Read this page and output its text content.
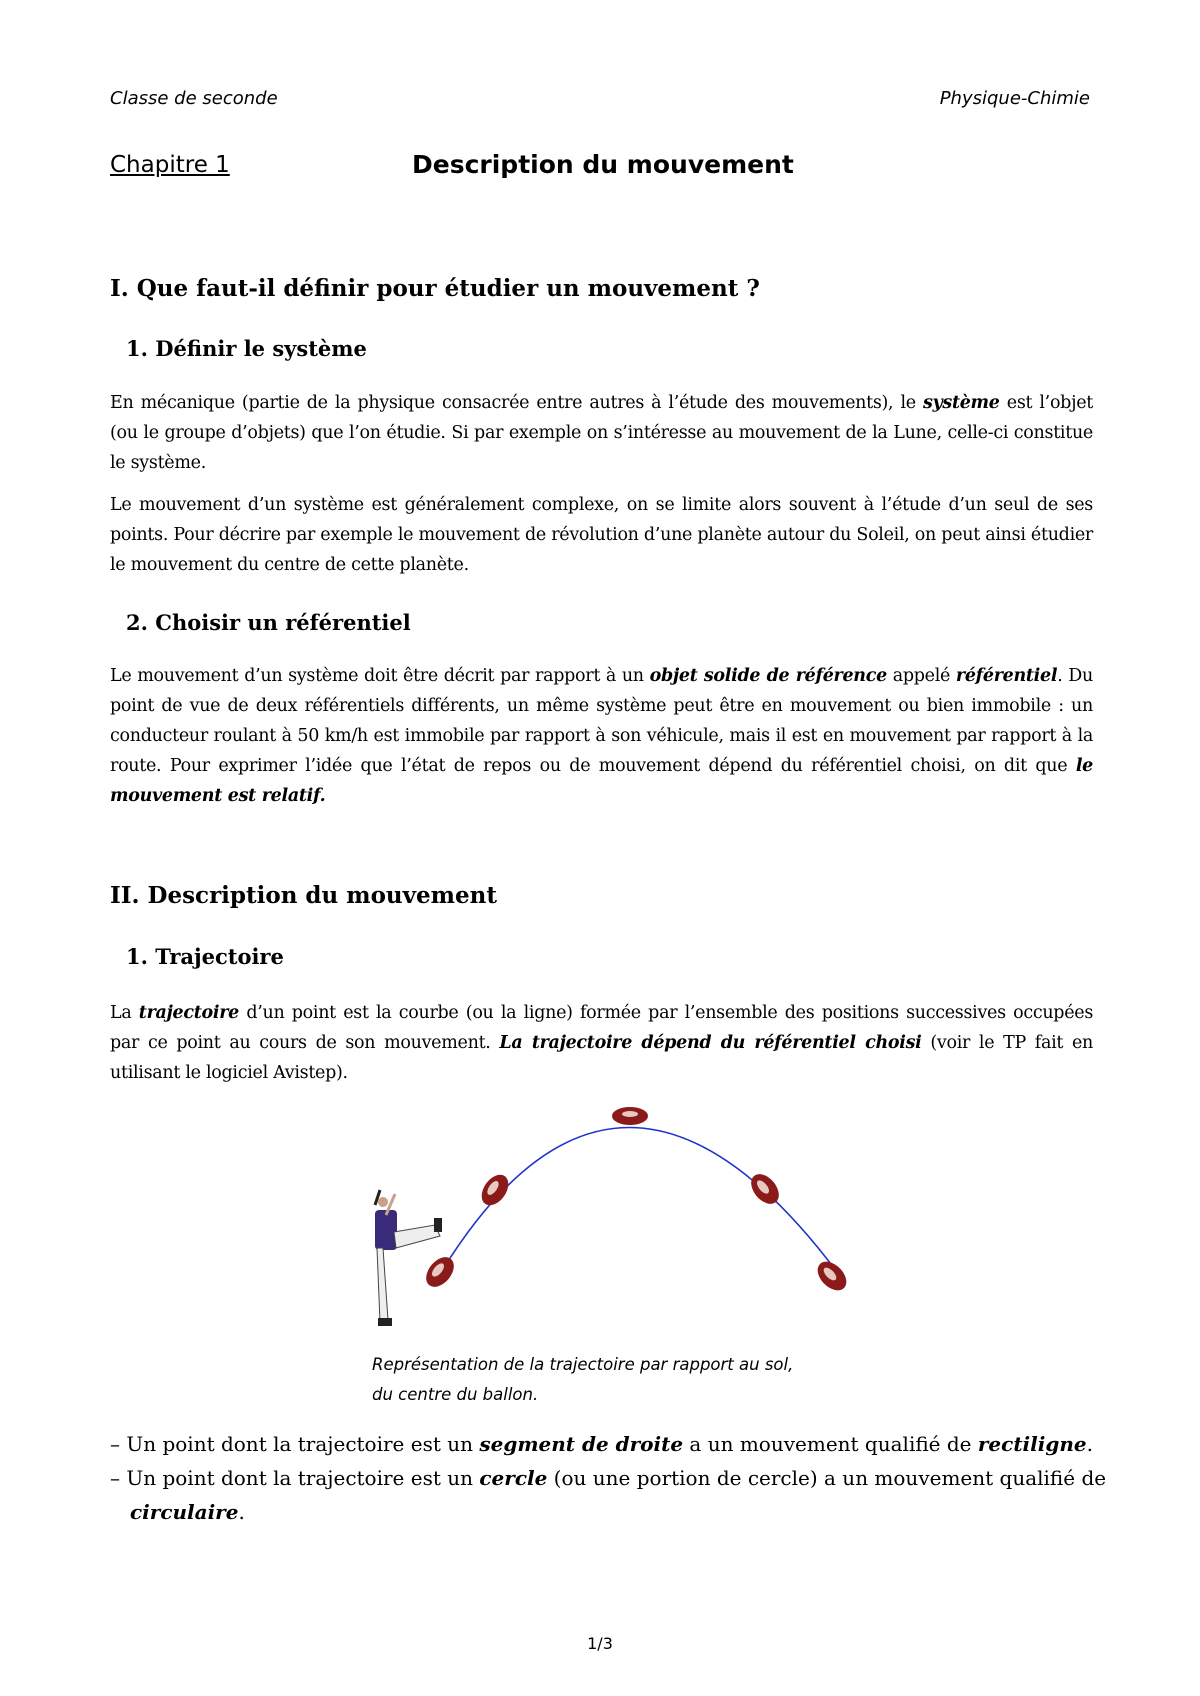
Classe de seconde	Physique-Chimie
Chapitre 1	Description du mouvement
I. Que faut-il définir pour étudier un mouvement ?
1. Définir le système
En mécanique (partie de la physique consacrée entre autres à l’étude des mouvements), le système est l’objet (ou le groupe d’objets) que l’on étudie. Si par exemple on s’intéresse au mouvement de la Lune, celle-ci constitue le système.
Le mouvement d’un système est généralement complexe, on se limite alors souvent à l’étude d’un seul de ses points. Pour décrire par exemple le mouvement de révolution d’une planète autour du Soleil, on peut ainsi étudier le mouvement du centre de cette planète.
2. Choisir un référentiel
Le mouvement d’un système doit être décrit par rapport à un objet solide de référence appelé référentiel. Du point de vue de deux référentiels différents, un même système peut être en mouvement ou bien immobile : un conducteur roulant à 50 km/h est immobile par rapport à son véhicule, mais il est en mouvement par rapport à la route. Pour exprimer l’idée que l’état de repos ou de mouvement dépend du référentiel choisi, on dit que le mouvement est relatif.
II. Description du mouvement
1. Trajectoire
La trajectoire d’un point est la courbe (ou la ligne) formée par l’ensemble des positions successives occupées par ce point au cours de son mouvement. La trajectoire dépend du référentiel choisi (voir le TP fait en utilisant le logiciel Avistep).
Représentation de la trajectoire par rapport au sol,
du centre du ballon.
– Un point dont la trajectoire est un segment de droite a un mouvement qualifié de rectiligne.
– Un point dont la trajectoire est un cercle (ou une portion de cercle) a un mouvement qualifié de circulaire.
1/3
